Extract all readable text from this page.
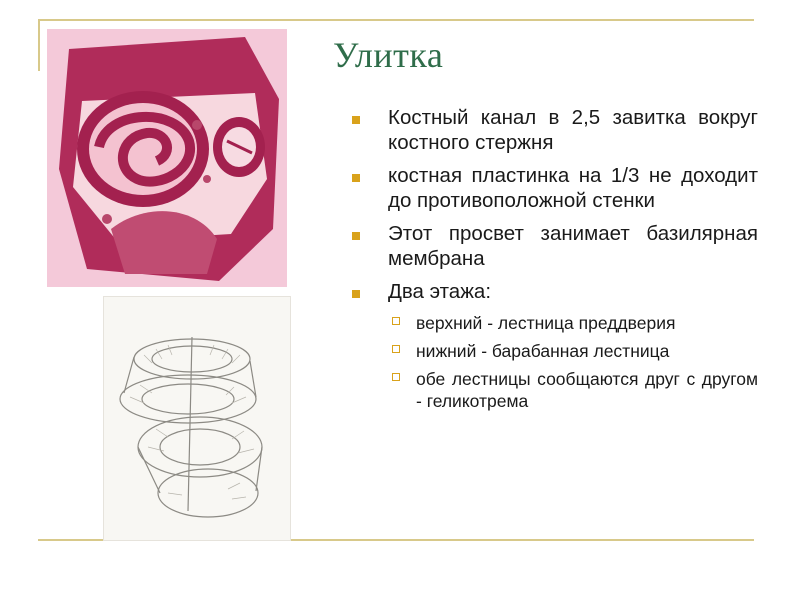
Улитка
Костный канал в 2,5 завитка вокруг костного стержня
костная пластинка на 1/3 не доходит до противоположной стенки
Этот просвет занимает базилярная мембрана
Два этажа:
верхний - лестница преддверия
нижний - барабанная лестница
обе лестницы сообщаются друг с другом - геликотрема
